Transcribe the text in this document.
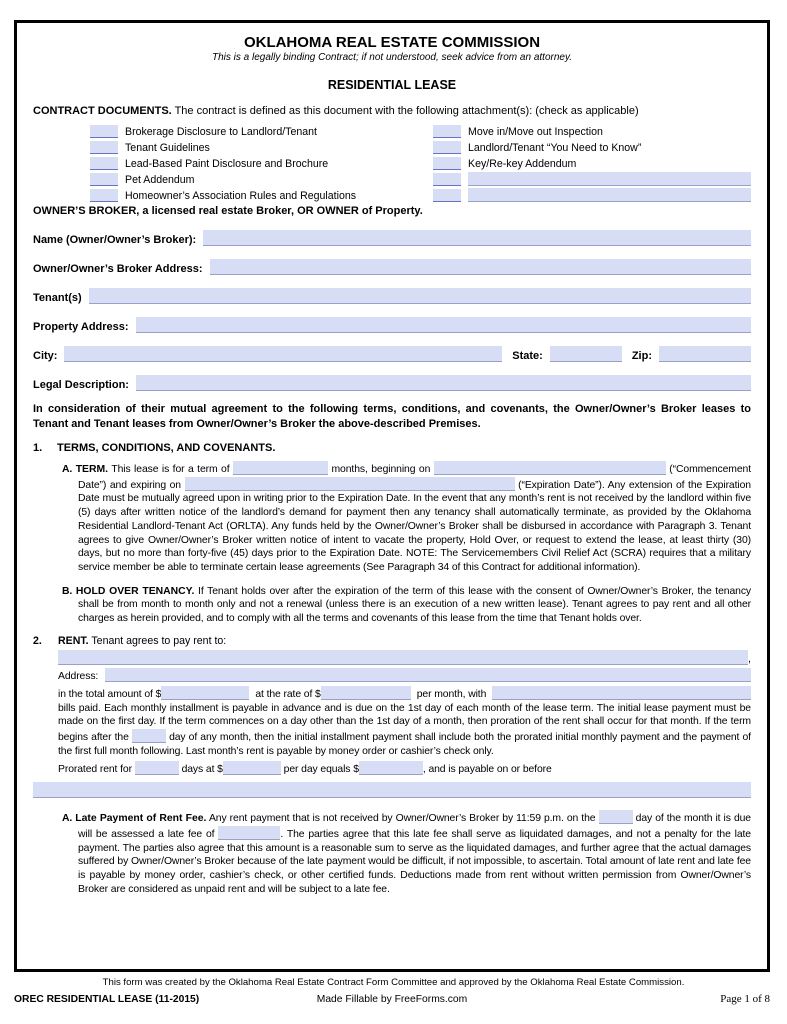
OKLAHOMA REAL ESTATE COMMISSION
This is a legally binding Contract; if not understood, seek advice from an attorney.
RESIDENTIAL LEASE
CONTRACT DOCUMENTS. The contract is defined as this document with the following attachment(s): (check as applicable)
Brokerage Disclosure to Landlord/Tenant	Move in/Move out Inspection
Tenant Guidelines	Landlord/Tenant “You Need to Know”
Lead-Based Paint Disclosure and Brochure	Key/Re-key Addendum
Pet Addendum
Homeowner’s Association Rules and Regulations
OWNER’S BROKER, a licensed real estate Broker, OR OWNER of Property.
Name (Owner/Owner’s Broker):
Owner/Owner’s Broker Address:
Tenant(s)
Property Address:
City:	State:	Zip:
Legal Description:
In consideration of their mutual agreement to the following terms, conditions, and covenants, the Owner/Owner’s Broker leases to Tenant and Tenant leases from Owner/Owner’s Broker the above-described Premises.
1.	TERMS, CONDITIONS, AND COVENANTS.
A. TERM. This lease is for a term of	months, beginning on	(“Commencement Date”) and expiring on	(“Expiration Date”). Any extension of the Expiration Date must be mutually agreed upon in writing prior to the Expiration Date. In the event that any month’s rent is not received by the landlord within five (5) days after written notice of the landlord’s demand for payment then any tenancy shall automatically terminate, as provided by the Oklahoma Residential Landlord-Tenant Act (ORLTA). Any funds held by the Owner/Owner’s Broker shall be disbursed in accordance with Paragraph 3. Tenant agrees to give Owner/Owner’s Broker written notice of intent to vacate the property, Hold Over, or request to extend the lease, at least thirty (30) days, but no more than forty-five (45) days prior to the Expiration Date. NOTE: The Servicemembers Civil Relief Act (SCRA) requires that a military service member be able to terminate certain lease agreements (See Paragraph 34 of this Contract for additional information).
B. HOLD OVER TENANCY. If Tenant holds over after the expiration of the term of this lease with the consent of Owner/Owner’s Broker, the tenancy shall be from month to month only and not a renewal (unless there is an execution of a new written lease). Tenant agrees to pay rent and all other charges as herein provided, and to comply with all the terms and covenants of this lease from the time that Tenant holds over.
2.	RENT. Tenant agrees to pay rent to:
,
Address:
in the total amount of $	at the rate of $	per month, with
bills paid. Each monthly installment is payable in advance and is due on the 1st day of each month of the lease term. The initial lease payment must be made on the first day. If the term commences on a day other than the 1st day of a month, then proration of the rent shall occur for that month. If the term begins after the	day of any month, then the initial installment payment shall include both the prorated initial monthly payment and the payment of the first full month following. Last month’s rent is payable by money order or cashier’s check only.
Prorated rent for	days at $	per day equals $	, and is payable on or before
A. Late Payment of Rent Fee. Any rent payment that is not received by Owner/Owner’s Broker by 11:59 p.m. on the	day of the month it is due will be assessed a late fee of	. The parties agree that this late fee shall serve as liquidated damages, and not a penalty for the late payment. The parties also agree that this amount is a reasonable sum to serve as the liquidated damages, and further agree that the actual damages suffered by Owner/Owner’s Broker because of the late payment would be difficult, if not impossible, to ascertain. Total amount of late rent and late fee is payable by money order, cashier’s check, or other certified funds. Deductions made from rent without written permission from Owner/Owner’s Broker are considered as unpaid rent and will be subject to a late fee.
This form was created by the Oklahoma Real Estate Contract Form Committee and approved by the Oklahoma Real Estate Commission.
OREC RESIDENTIAL LEASE (11-2015)	Made Fillable by FreeForms.com	Page 1 of 8
